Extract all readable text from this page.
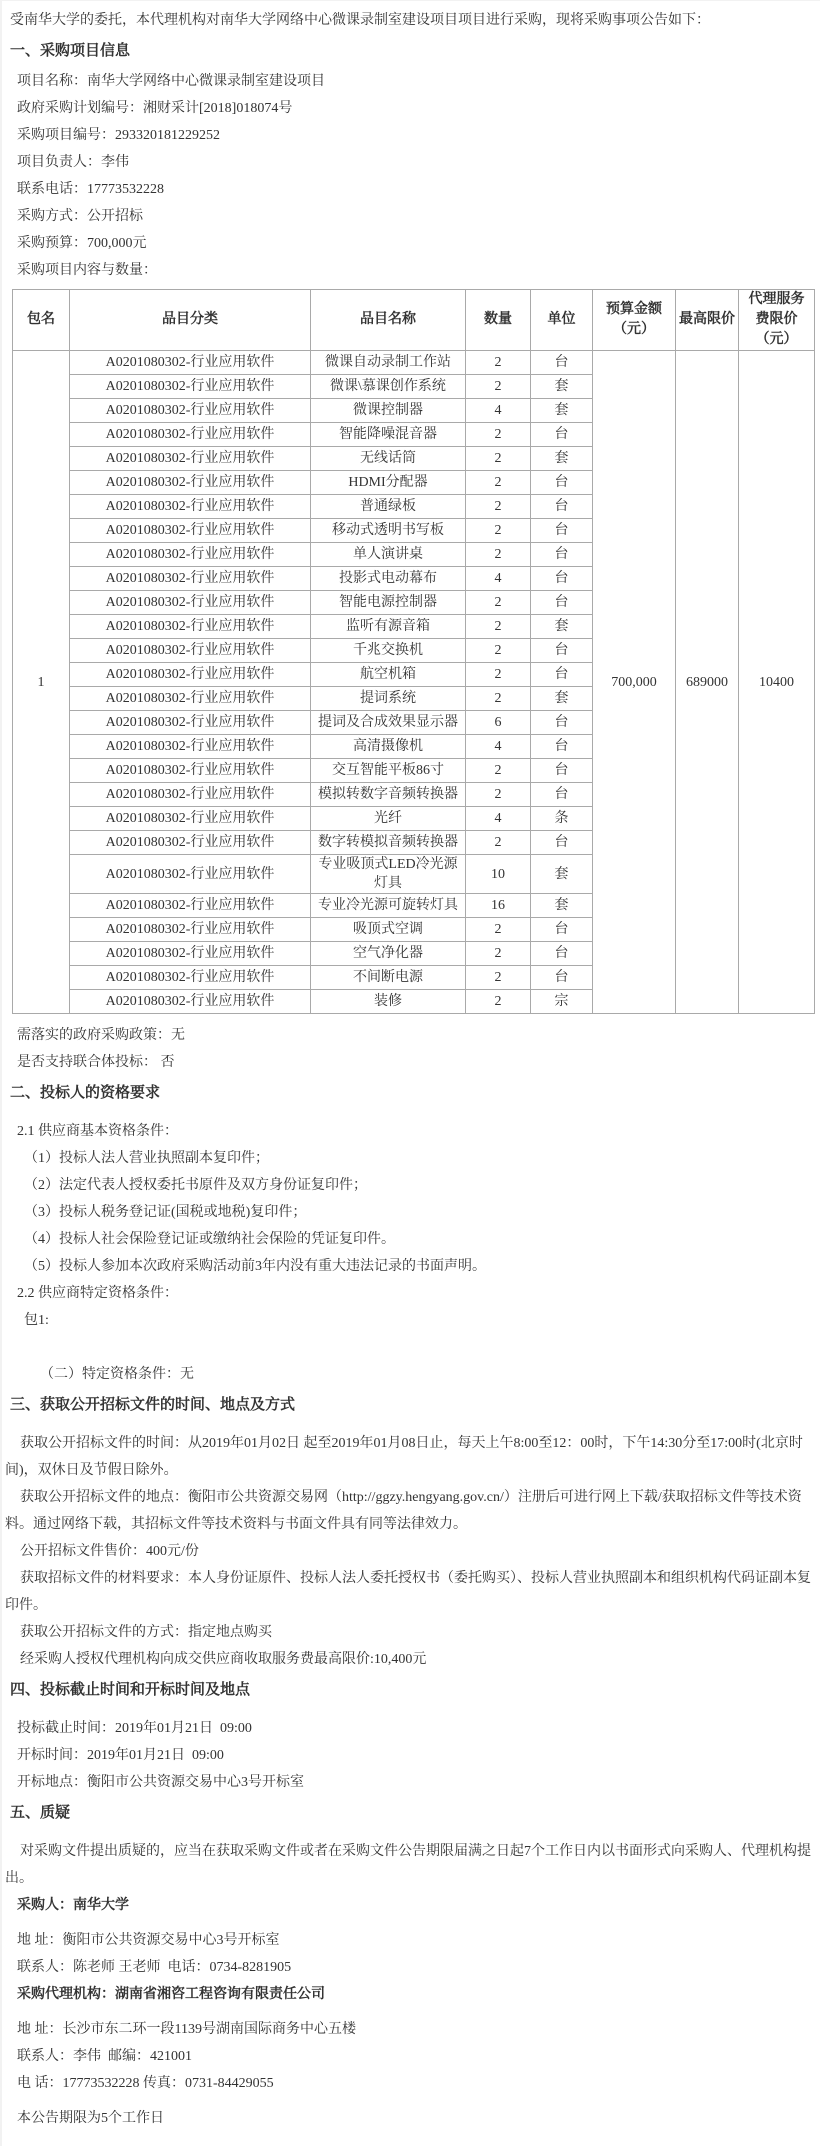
受南华大学的委托，本代理机构对南华大学网络中心微课录制室建设项目项目进行采购，现将采购事项公告如下：

一、采购项目信息

项目名称：南华大学网络中心微课录制室建设项目

政府采购计划编号：湘财采计[2018]018074号

采购项目编号：293320181229252

项目负责人：李伟

联系电话：17773532228

采购方式：公开招标

采购预算：700,000元

采购项目内容与数量：

包名	品目分类	品目名称	数量	单位	预算金额（元）	最高限价	代理服务费限价（元）
1	A0201080302-行业应用软件	微课自动录制工作站	2	台	700,000	689000	10400
	A0201080302-行业应用软件	微课\慕课创作系统	2	套			
	A0201080302-行业应用软件	微课控制器	4	套			
	A0201080302-行业应用软件	智能降噪混音器	2	台			
	A0201080302-行业应用软件	无线话筒	2	套			
	A0201080302-行业应用软件	HDMI分配器	2	台			
	A0201080302-行业应用软件	普通绿板	2	台			
	A0201080302-行业应用软件	移动式透明书写板	2	台			
	A0201080302-行业应用软件	单人演讲桌	2	台			
	A0201080302-行业应用软件	投影式电动幕布	4	台			
	A0201080302-行业应用软件	智能电源控制器	2	台			
	A0201080302-行业应用软件	监听有源音箱	2	套			
	A0201080302-行业应用软件	千兆交换机	2	台			
	A0201080302-行业应用软件	航空机箱	2	台			
	A0201080302-行业应用软件	提词系统	2	套			
	A0201080302-行业应用软件	提词及合成效果显示器	6	台			
	A0201080302-行业应用软件	高清摄像机	4	台			
	A0201080302-行业应用软件	交互智能平板86寸	2	台			
	A0201080302-行业应用软件	模拟转数字音频转换器	2	台			
	A0201080302-行业应用软件	光纤	4	条			
	A0201080302-行业应用软件	数字转模拟音频转换器	2	台			
	A0201080302-行业应用软件	专业吸顶式LED冷光源灯具	10	套			
	A0201080302-行业应用软件	专业冷光源可旋转灯具	16	套			
	A0201080302-行业应用软件	吸顶式空调	2	台			
	A0201080302-行业应用软件	空气净化器	2	台			
	A0201080302-行业应用软件	不间断电源	2	台			
	A0201080302-行业应用软件	装修	2	宗			

需落实的政府采购政策：无

是否支持联合体投标： 否

二、投标人的资格要求

2.1 供应商基本资格条件：

（1）投标人法人营业执照副本复印件；

（2）法定代表人授权委托书原件及双方身份证复印件；

（3）投标人税务登记证(国税或地税)复印件；

（4）投标人社会保险登记证或缴纳社会保险的凭证复印件。

（5）投标人参加本次政府采购活动前3年内没有重大违法记录的书面声明。

2.2 供应商特定资格条件：

包1:

（二）特定资格条件：无

三、获取公开招标文件的时间、地点及方式

获取公开招标文件的时间：从2019年01月02日 起至2019年01月08日止，每天上午8:00至12：00时，下午14:30分至17:00时(北京时间)，双休日及节假日除外。

获取公开招标文件的地点：衡阳市公共资源交易网（http://ggzy.hengyang.gov.cn/）注册后可进行网上下载/获取招标文件等技术资料。通过网络下载，其招标文件等技术资料与书面文件具有同等法律效力。

公开招标文件售价：400元/份

获取招标文件的材料要求：本人身份证原件、投标人法人委托授权书（委托购买）、投标人营业执照副本和组织机构代码证副本复印件。

获取公开招标文件的方式：指定地点购买

经采购人授权代理机构向成交供应商收取服务费最高限价:10,400元

四、投标截止时间和开标时间及地点

投标截止时间：2019年01月21日  09:00

开标时间：2019年01月21日  09:00

开标地点：衡阳市公共资源交易中心3号开标室

五、质疑

对采购文件提出质疑的，应当在获取采购文件或者在采购文件公告期限届满之日起7个工作日内以书面形式向采购人、代理机构提出。

采购人：南华大学

地 址：衡阳市公共资源交易中心3号开标室

联系人：陈老师 王老师  电话：0734-8281905

采购代理机构：湖南省湘咨工程咨询有限责任公司

地 址：长沙市东二环一段1139号湖南国际商务中心五楼

联系人：李伟  邮编：421001

电 话：17773532228 传真：0731-84429055

本公告期限为5个工作日
